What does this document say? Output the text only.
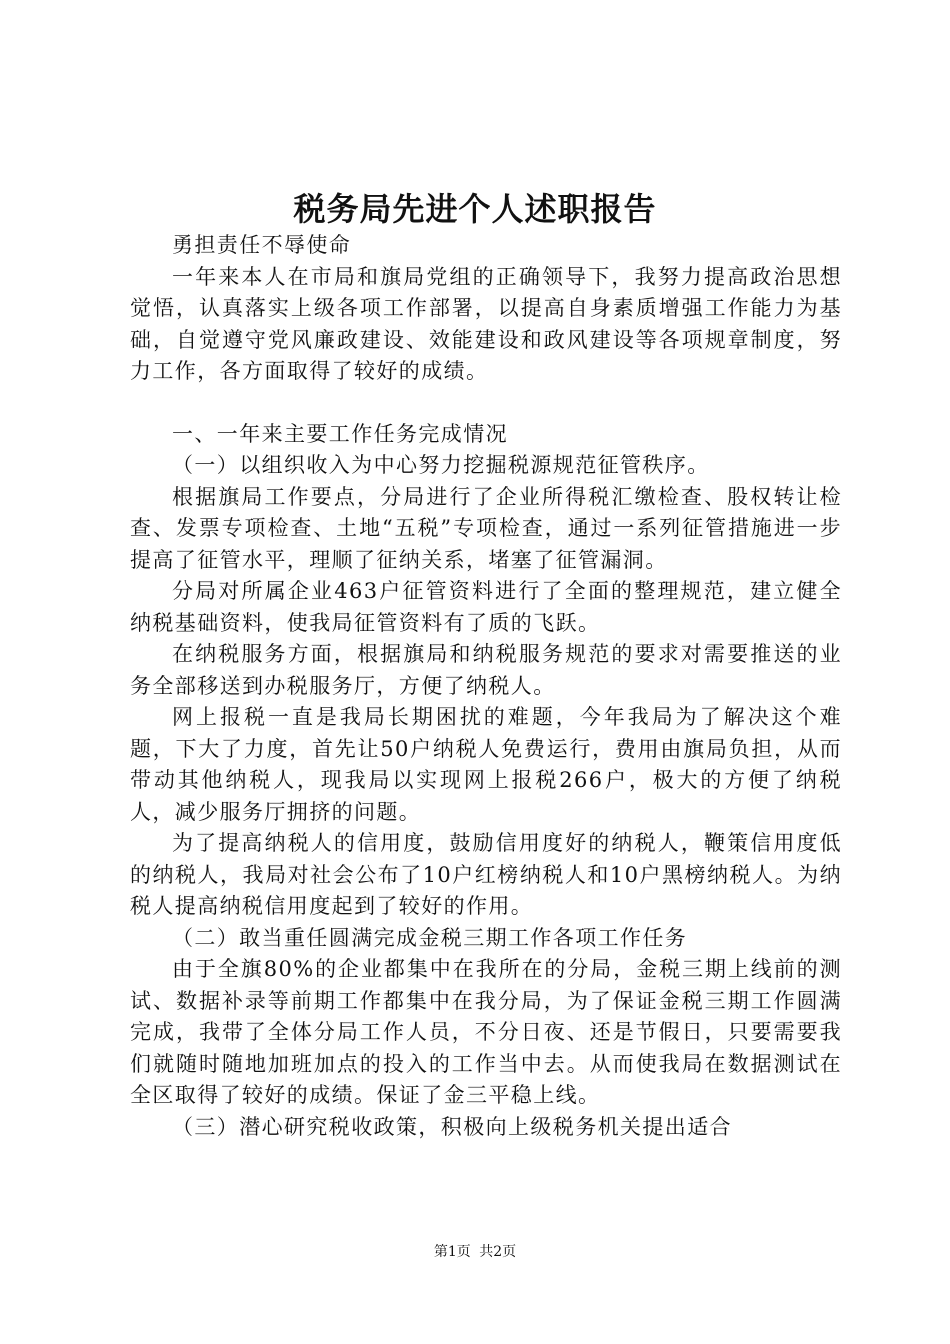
税务局先进个人述职报告

勇担责任不辱使命

一年来本人在市局和旗局党组的正确领导下，我努力提高政治思想觉悟，认真落实上级各项工作部署，以提高自身素质增强工作能力为基础，自觉遵守党风廉政建设、效能建设和政风建设等各项规章制度，努力工作，各方面取得了较好的成绩。

一、一年来主要工作任务完成情况

（一）以组织收入为中心努力挖掘税源规范征管秩序。

根据旗局工作要点，分局进行了企业所得税汇缴检查、股权转让检查、发票专项检查、土地“五税”专项检查，通过一系列征管措施进一步提高了征管水平，理顺了征纳关系，堵塞了征管漏洞。

分局对所属企业463户征管资料进行了全面的整理规范，建立健全纳税基础资料，使我局征管资料有了质的飞跃。

在纳税服务方面，根据旗局和纳税服务规范的要求对需要推送的业务全部移送到办税服务厅，方便了纳税人。

网上报税一直是我局长期困扰的难题，今年我局为了解决这个难题，下大了力度，首先让50户纳税人免费运行，费用由旗局负担，从而带动其他纳税人，现我局以实现网上报税266户，极大的方便了纳税人，减少服务厅拥挤的问题。

为了提高纳税人的信用度，鼓励信用度好的纳税人，鞭策信用度低的纳税人，我局对社会公布了10户红榜纳税人和10户黑榜纳税人。为纳税人提高纳税信用度起到了较好的作用。

（二）敢当重任圆满完成金税三期工作各项工作任务

由于全旗80%的企业都集中在我所在的分局，金税三期上线前的测试、数据补录等前期工作都集中在我分局，为了保证金税三期工作圆满完成，我带了全体分局工作人员，不分日夜、还是节假日，只要需要我们就随时随地加班加点的投入的工作当中去。从而使我局在数据测试在全区取得了较好的成绩。保证了金三平稳上线。

（三）潜心研究税收政策，积极向上级税务机关提出适合

第1页 共2页
